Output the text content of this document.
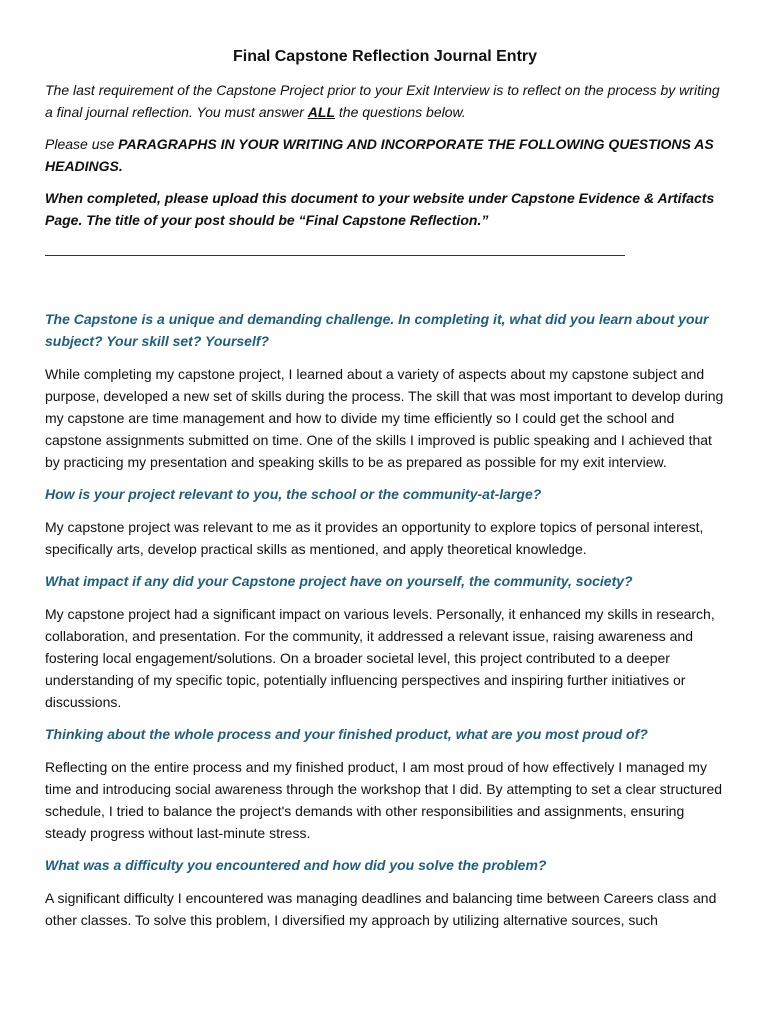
Final Capstone Reflection Journal Entry

The last requirement of the Capstone Project prior to your Exit Interview is to reflect on the process by writing a final journal reflection. You must answer ALL the questions below.

Please use PARAGRAPHS IN YOUR WRITING AND INCORPORATE THE FOLLOWING QUESTIONS AS HEADINGS.

When completed, please upload this document to your website under Capstone Evidence & Artifacts Page. The title of your post should be “Final Capstone Reflection.”

The Capstone is a unique and demanding challenge. In completing it, what did you learn about your subject? Your skill set? Yourself?

While completing my capstone project, I learned about a variety of aspects about my capstone subject and purpose, developed a new set of skills during the process. The skill that was most important to develop during my capstone are time management and how to divide my time efficiently so I could get the school and capstone assignments submitted on time. One of the skills I improved is public speaking and I achieved that by practicing my presentation and speaking skills to be as prepared as possible for my exit interview.

How is your project relevant to you, the school or the community-at-large?

My capstone project was relevant to me as it provides an opportunity to explore topics of personal interest, specifically arts, develop practical skills as mentioned, and apply theoretical knowledge.

What impact if any did your Capstone project have on yourself, the community, society?

My capstone project had a significant impact on various levels. Personally, it enhanced my skills in research, collaboration, and presentation. For the community, it addressed a relevant issue, raising awareness and fostering local engagement/solutions. On a broader societal level, this project contributed to a deeper understanding of my specific topic, potentially influencing perspectives and inspiring further initiatives or discussions.

Thinking about the whole process and your finished product, what are you most proud of?

Reflecting on the entire process and my finished product, I am most proud of how effectively I managed my time and introducing social awareness through the workshop that I did. By attempting to set a clear structured schedule, I tried to balance the project's demands with other responsibilities and assignments, ensuring steady progress without last-minute stress.

What was a difficulty you encountered and how did you solve the problem?

A significant difficulty I encountered was managing deadlines and balancing time between Careers class and other classes. To solve this problem, I diversified my approach by utilizing alternative sources, such
